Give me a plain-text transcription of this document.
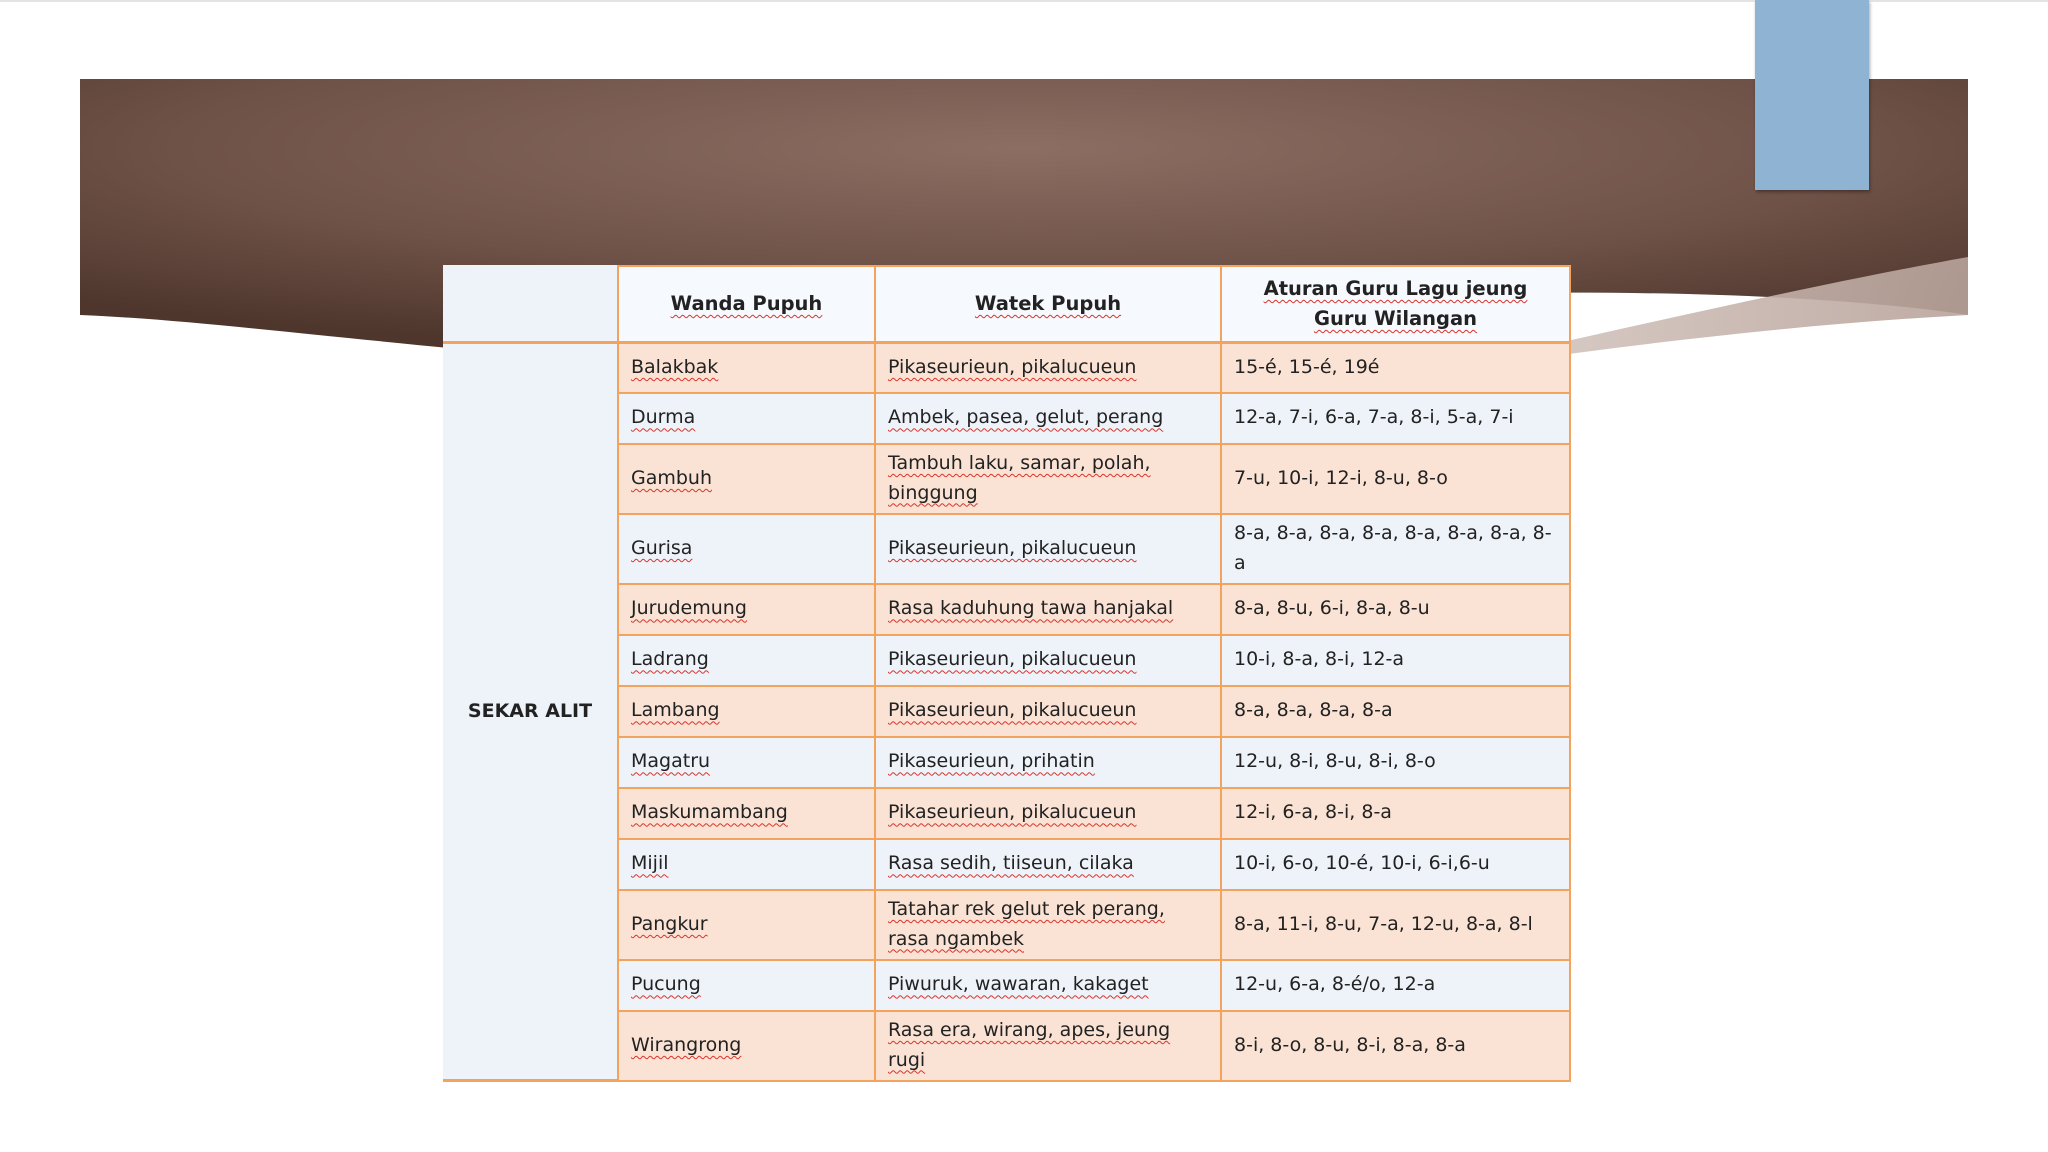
	Wanda Pupuh	Watek Pupuh	Aturan Guru Lagu jeung Guru Wilangan
SEKAR ALIT	Balakbak	Pikaseurieun, pikalucueun	15-é, 15-é, 19é
	Durma	Ambek, pasea, gelut, perang	12-a, 7-i, 6-a, 7-a, 8-i, 5-a, 7-i
	Gambuh	Tambuh laku, samar, polah, binggung	7-u, 10-i, 12-i, 8-u, 8-o
	Gurisa	Pikaseurieun, pikalucueun	8-a, 8-a, 8-a, 8-a, 8-a, 8-a, 8-a, 8-a
	Jurudemung	Rasa kaduhung tawa hanjakal	8-a, 8-u, 6-i, 8-a, 8-u
	Ladrang	Pikaseurieun, pikalucueun	10-i, 8-a, 8-i, 12-a
	Lambang	Pikaseurieun, pikalucueun	8-a, 8-a, 8-a, 8-a
	Magatru	Pikaseurieun, prihatin	12-u, 8-i, 8-u, 8-i, 8-o
	Maskumambang	Pikaseurieun, pikalucueun	12-i, 6-a, 8-i, 8-a
	Mijil	Rasa sedih, tiiseun, cilaka	10-i, 6-o, 10-é, 10-i, 6-i,6-u
	Pangkur	Tatahar rek gelut rek perang, rasa ngambek	8-a, 11-i, 8-u, 7-a, 12-u, 8-a, 8-l
	Pucung	Piwuruk, wawaran, kakaget	12-u, 6-a, 8-é/o, 12-a
	Wirangrong	Rasa era, wirang, apes, jeung rugi	8-i, 8-o, 8-u, 8-i, 8-a, 8-a
